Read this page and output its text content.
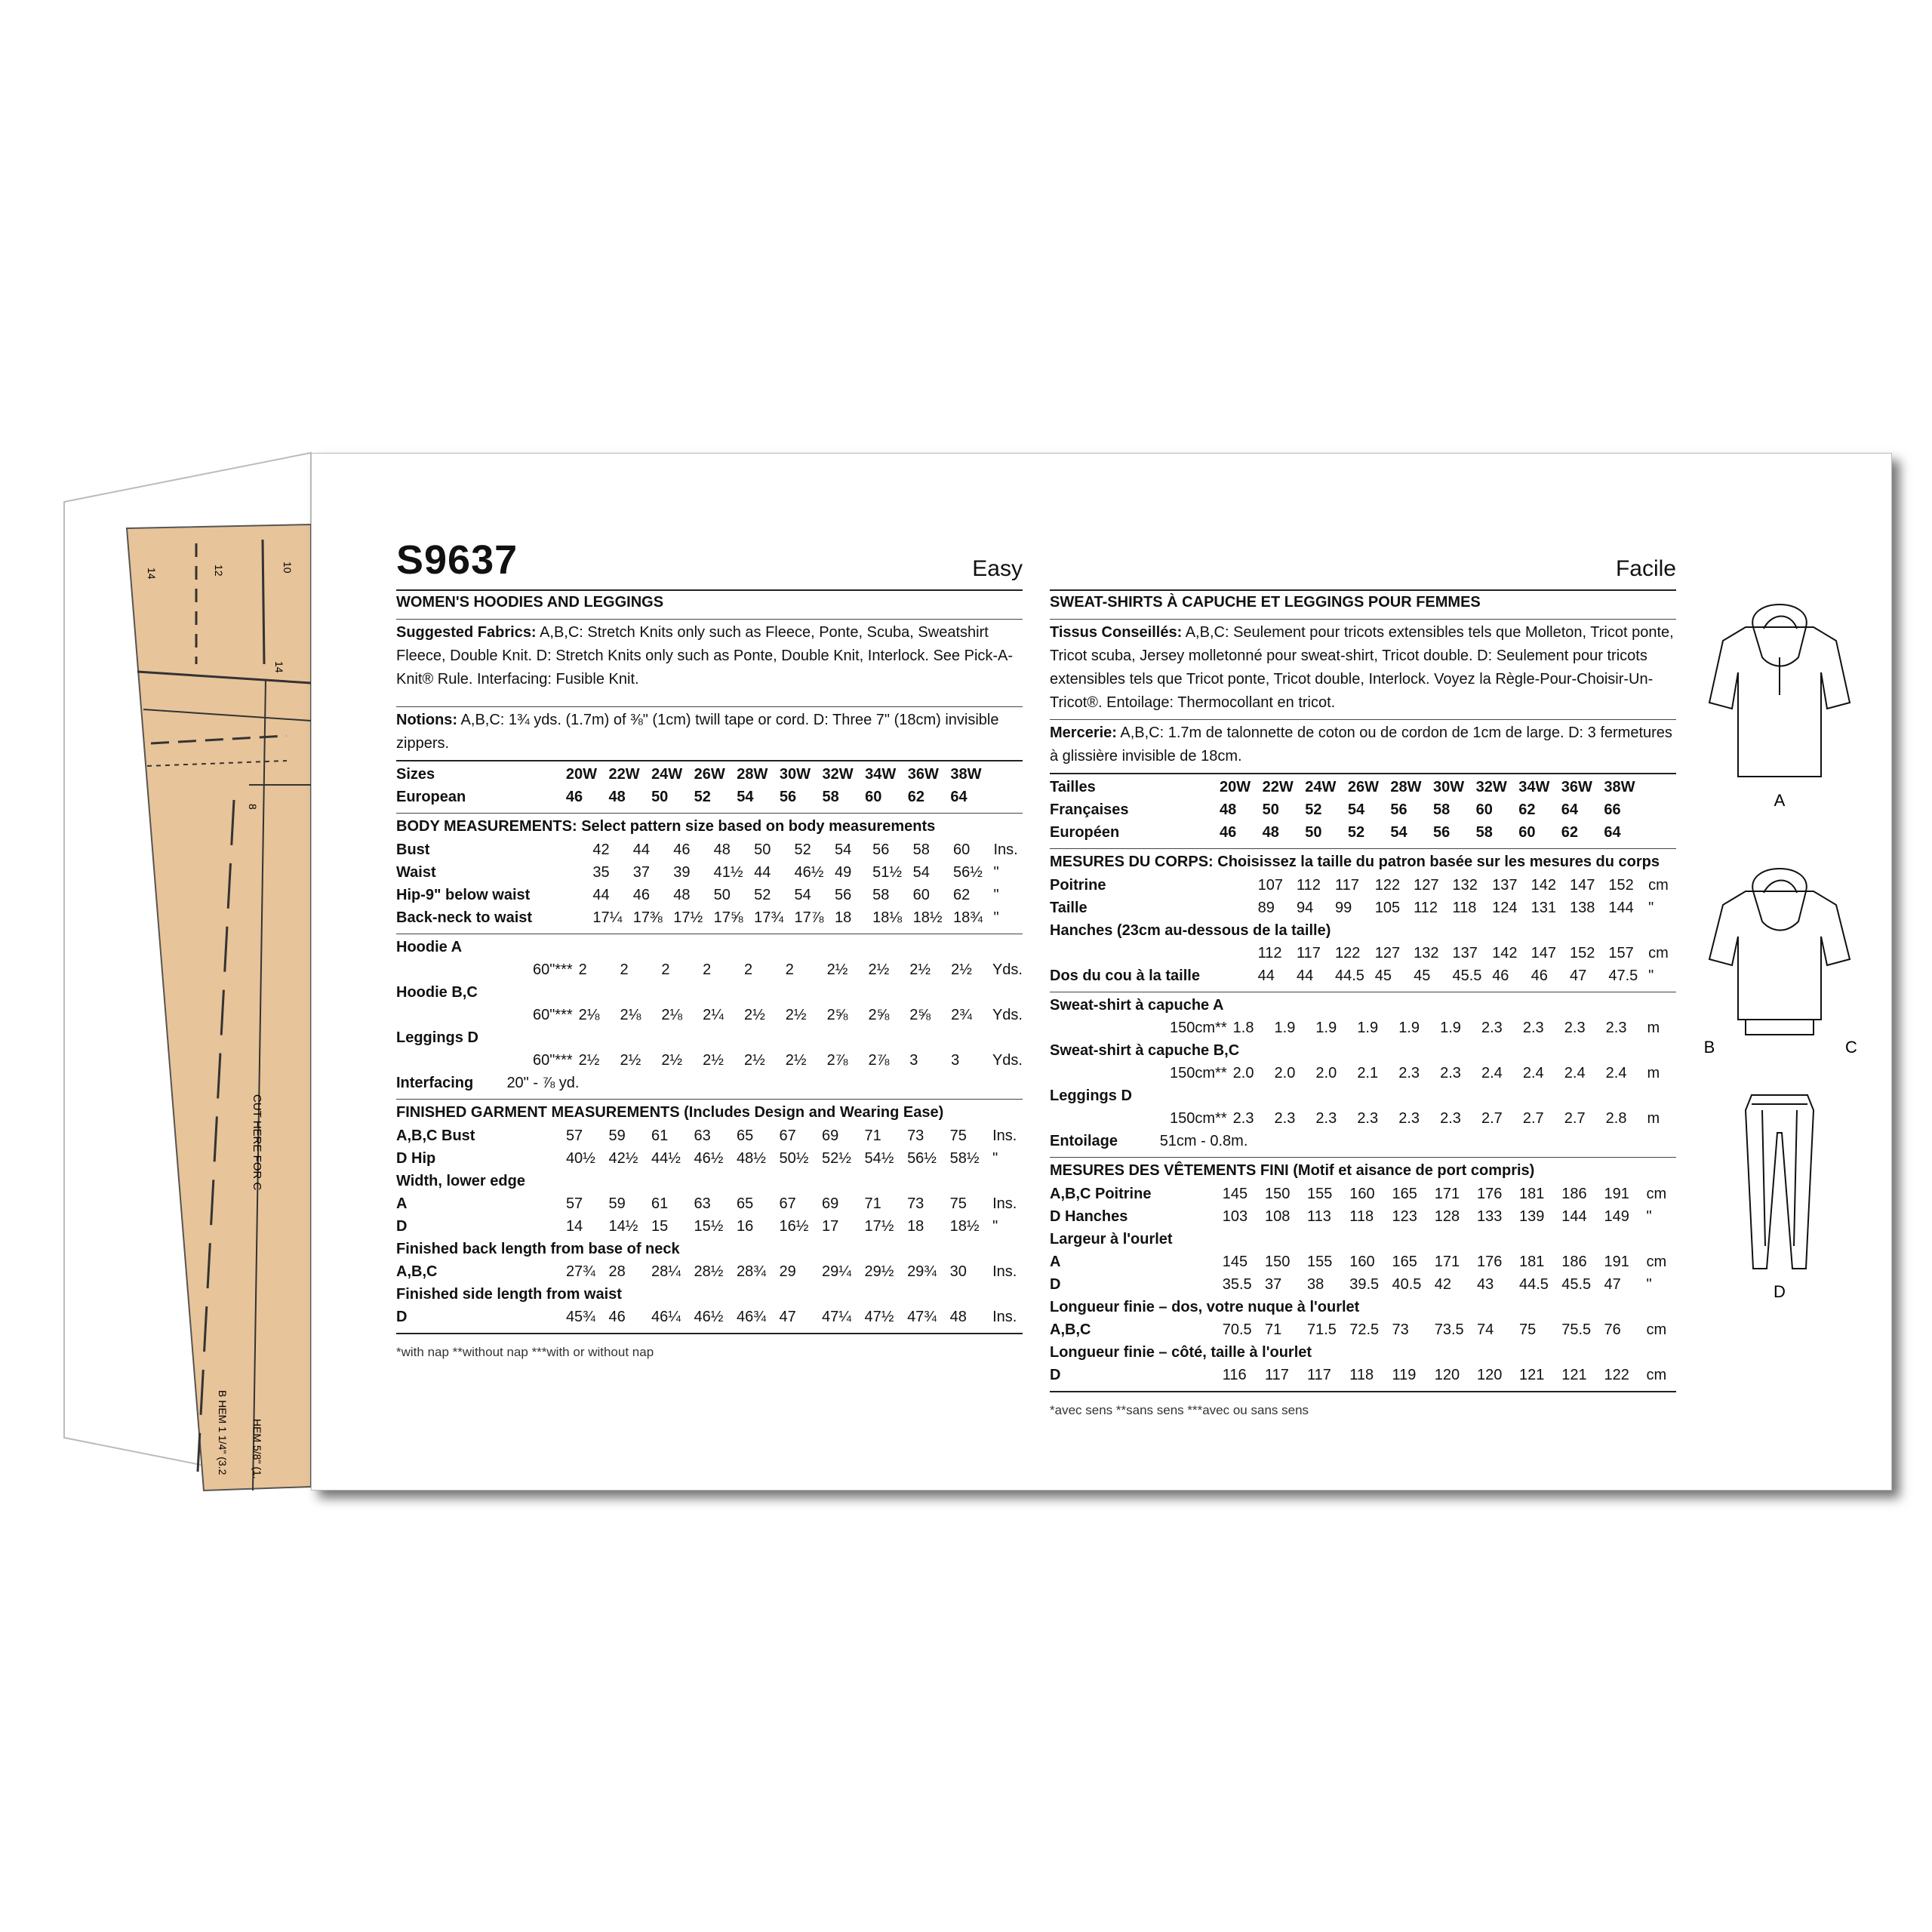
14	12	10
14
8
CUT HERE FOR C
HEM 5/8" (1.
B HEM 1 1/4" (3.2
S9637	Easy
WOMEN'S HOODIES AND LEGGINGS
Suggested Fabrics: A,B,C: Stretch Knits only such as Fleece, Ponte, Scuba, Sweatshirt Fleece, Double Knit. D: Stretch Knits only such as Ponte, Double Knit, Interlock. See Pick-A-Knit® Rule. Interfacing: Fusible Knit.
Notions: A,B,C: 1¾ yds. (1.7m) of ⅜" (1cm) twill tape or cord. D: Three 7" (18cm) invisible zippers.
Sizes		20W	22W	24W	26W	28W	30W	32W	34W	36W	38W	
European		46	48	50	52	54	56	58	60	62	64	
BODY MEASUREMENTS: Select pattern size based on body measurements
Bust		42	44	46	48	50	52	54	56	58	60	Ins.
Waist		35	37	39	41½	44	46½	49	51½	54	56½	"
Hip-9" below waist		44	46	48	50	52	54	56	58	60	62	"
Back-neck to waist		17¼	17⅜	17½	17⅝	17¾	17⅞	18	18⅛	18½	18¾	"
Hoodie A												
	60"***	2	2	2	2	2	2	2½	2½	2½	2½	Yds.
Hoodie B,C												
	60"***	2⅛	2⅛	2⅛	2¼	2½	2½	2⅝	2⅝	2⅝	2¾	Yds.
Leggings D												
	60"***	2½	2½	2½	2½	2½	2½	2⅞	2⅞	3	3	Yds.
Interfacing	20" - ⅞ yd.											
FINISHED GARMENT MEASUREMENTS (Includes Design and Wearing Ease)
A,B,C Bust		57	59	61	63	65	67	69	71	73	75	Ins.
D Hip		40½	42½	44½	46½	48½	50½	52½	54½	56½	58½	"
Width, lower edge												
A		57	59	61	63	65	67	69	71	73	75	Ins.
D		14	14½	15	15½	16	16½	17	17½	18	18½	"
Finished back length from base of neck												
A,B,C		27¾	28	28¼	28½	28¾	29	29¼	29½	29¾	30	Ins.
Finished side length from waist												
D		45¾	46	46¼	46½	46¾	47	47¼	47½	47¾	48	Ins.
*with nap **without nap ***with or without nap
Facile
SWEAT-SHIRTS À CAPUCHE ET LEGGINGS POUR FEMMES
Tissus Conseillés: A,B,C: Seulement pour tricots extensibles tels que Molleton, Tricot ponte, Tricot scuba, Jersey molletonné pour sweat-shirt, Tricot double. D: Seulement pour tricots extensibles tels que Tricot ponte, Tricot double, Interlock. Voyez la Règle-Pour-Choisir-Un-Tricot®. Entoilage: Thermocollant en tricot.
Mercerie: A,B,C: 1.7m de talonnette de coton ou de cordon de 1cm de large. D: 3 fermetures à glissière invisible de 18cm.
Tailles		20W	22W	24W	26W	28W	30W	32W	34W	36W	38W	
Françaises		48	50	52	54	56	58	60	62	64	66	
Européen		46	48	50	52	54	56	58	60	62	64	
MESURES DU CORPS: Choisissez la taille du patron basée sur les mesures du corps
Poitrine		107	112	117	122	127	132	137	142	147	152	cm
Taille		89	94	99	105	112	118	124	131	138	144	"
Hanches (23cm au-dessous de la taille)												
		112	117	122	127	132	137	142	147	152	157	cm
Dos du cou à la taille		44	44	44.5	45	45	45.5	46	46	47	47.5	"
Sweat-shirt à capuche A												
	150cm**	1.8	1.9	1.9	1.9	1.9	1.9	2.3	2.3	2.3	2.3	m
Sweat-shirt à capuche B,C												
	150cm**	2.0	2.0	2.0	2.1	2.3	2.3	2.4	2.4	2.4	2.4	m
Leggings D												
	150cm**	2.3	2.3	2.3	2.3	2.3	2.3	2.7	2.7	2.7	2.8	m
Entoilage	51cm - 0.8m.											
MESURES DES VÊTEMENTS FINI (Motif et aisance de port compris)
A,B,C Poitrine		145	150	155	160	165	171	176	181	186	191	cm
D Hanches		103	108	113	118	123	128	133	139	144	149	"
Largeur à l'ourlet												
A		145	150	155	160	165	171	176	181	186	191	cm
D		35.5	37	38	39.5	40.5	42	43	44.5	45.5	47	"
Longueur finie – dos, votre nuque à l'ourlet												
A,B,C		70.5	71	71.5	72.5	73	73.5	74	75	75.5	76	cm
Longueur finie – côté, taille à l'ourlet												
D		116	117	117	118	119	120	120	121	121	122	cm
*avec sens **sans sens ***avec ou sans sens
A
B	C
D
